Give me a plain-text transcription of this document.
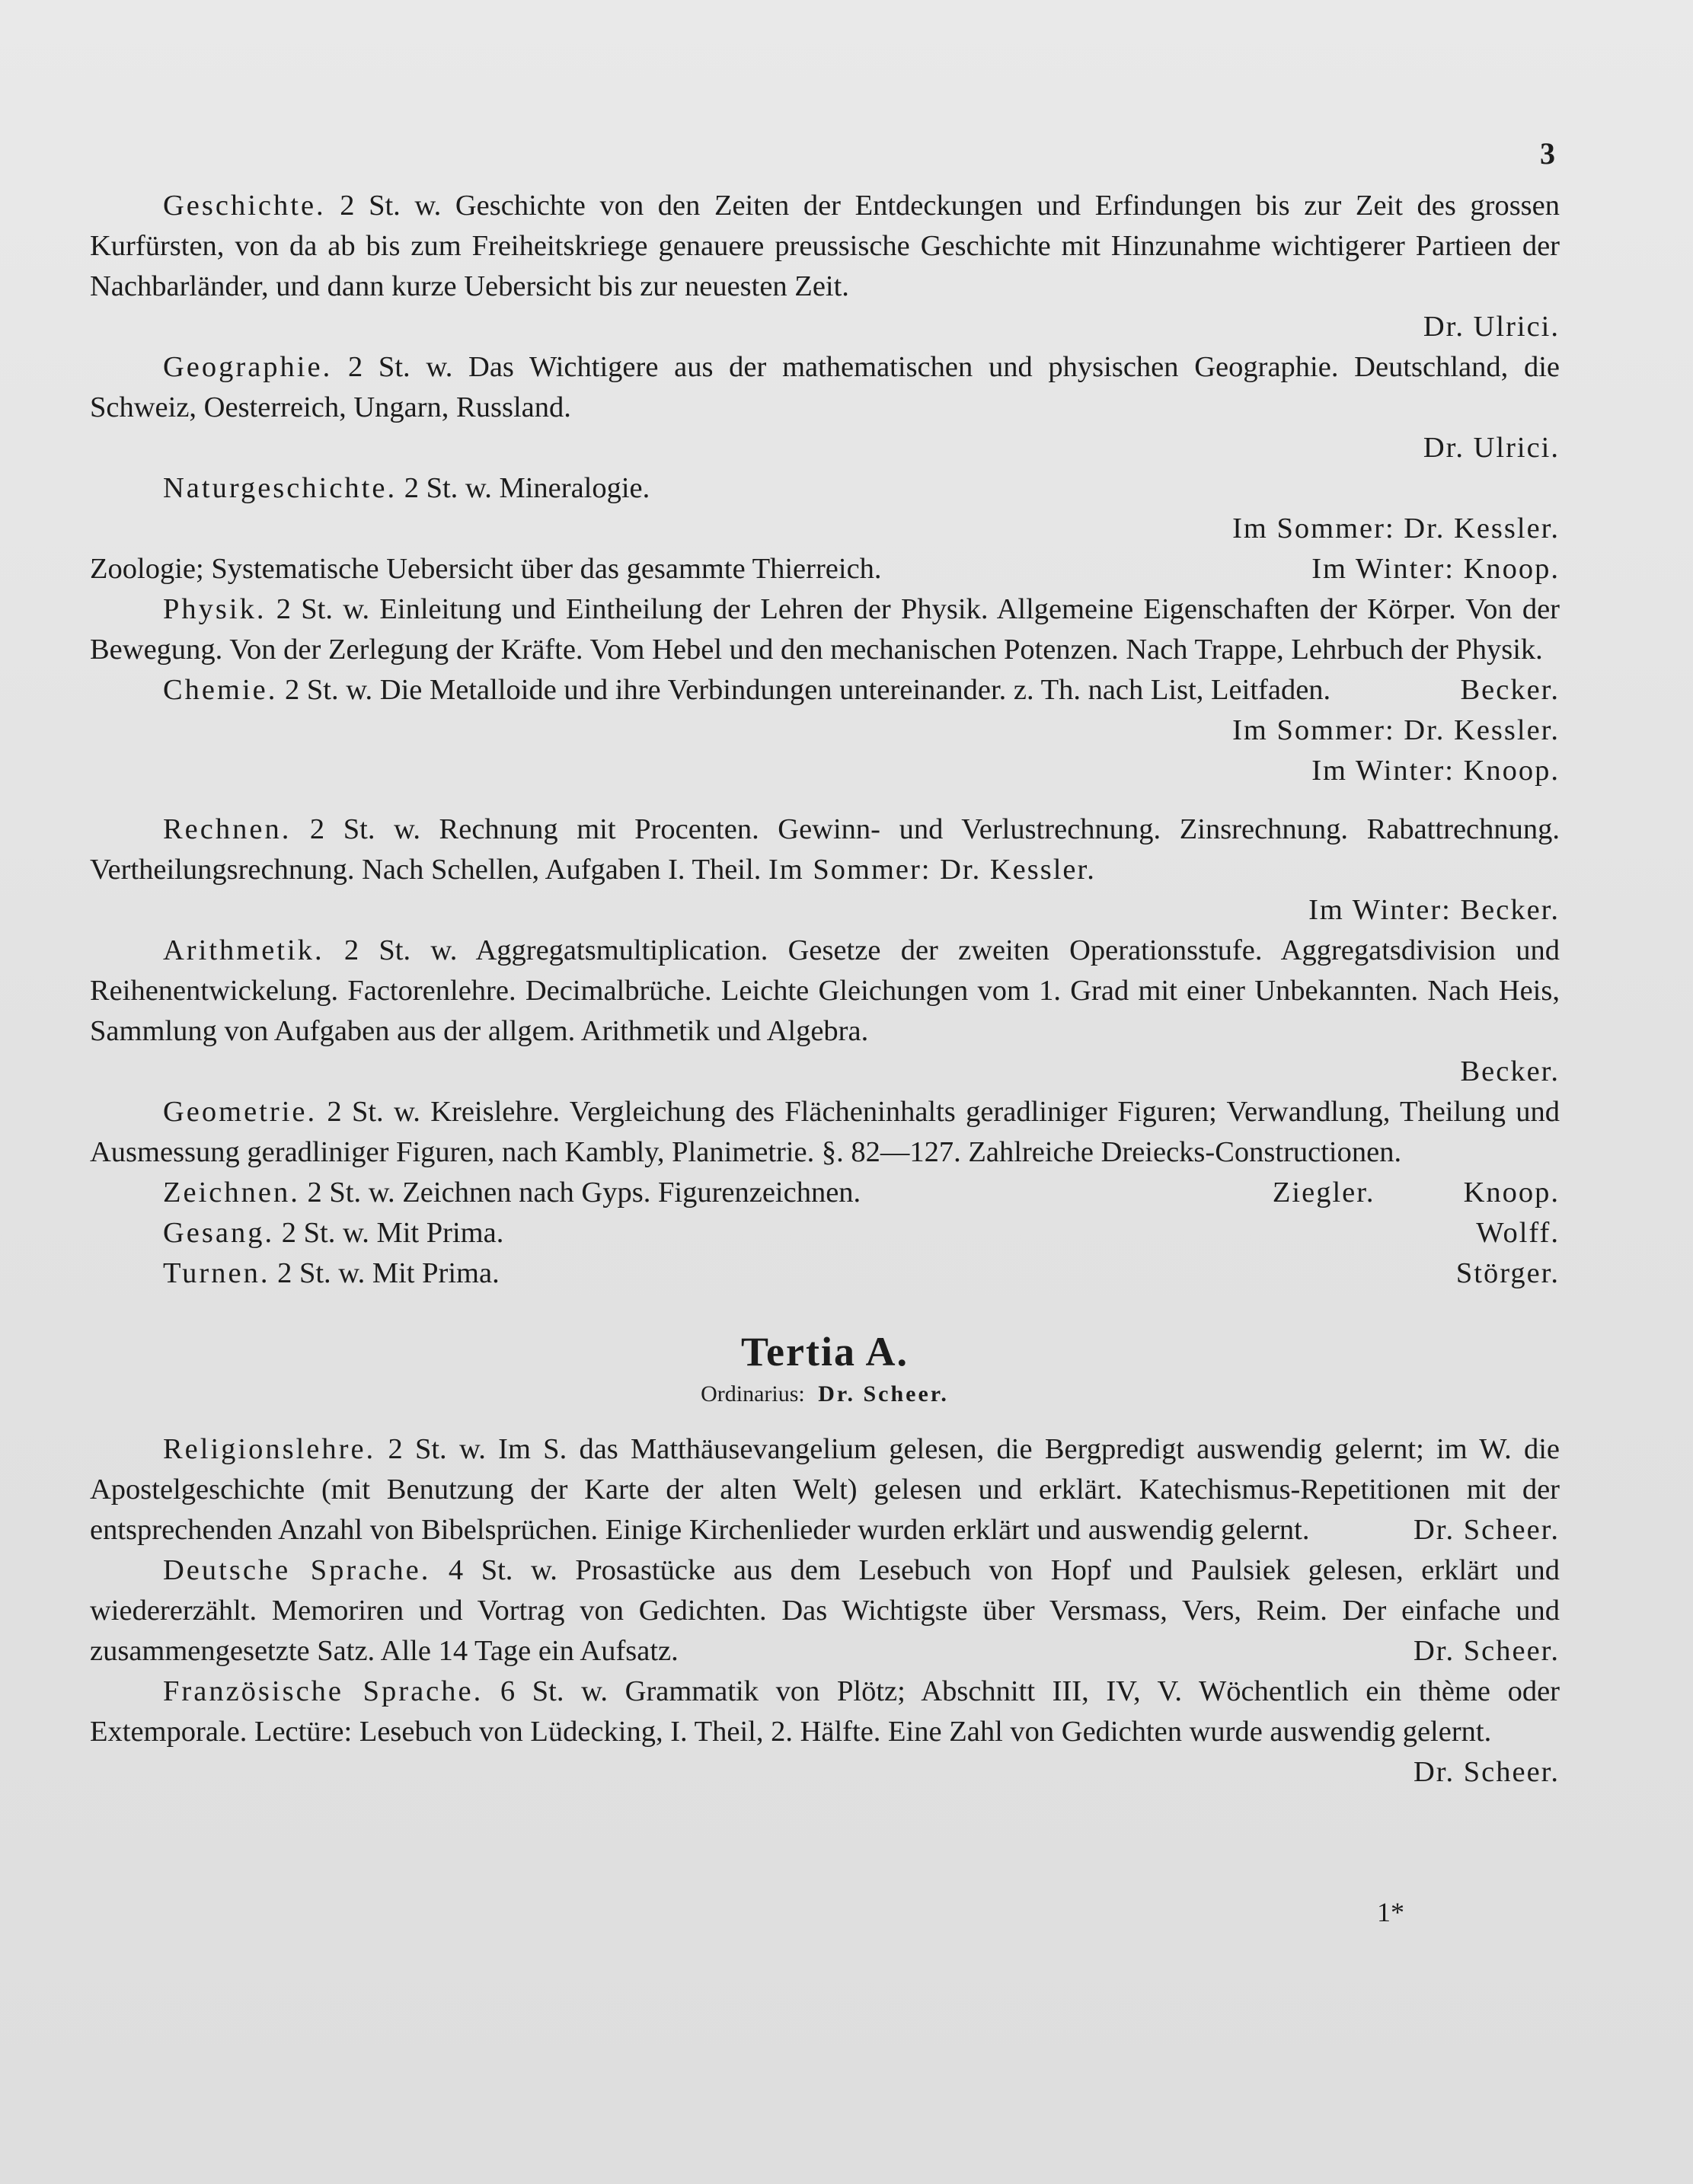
3

Geschichte. 2 St. w. Geschichte von den Zeiten der Entdeckungen und Erfindungen bis zur Zeit des grossen Kurfürsten, von da ab bis zum Freiheitskriege genauere preussische Geschichte mit Hinzunahme wichtigerer Partieen der Nachbarländer, und dann kurze Uebersicht bis zur neuesten Zeit.
Dr. Ulrici.

Geographie. 2 St. w. Das Wichtigere aus der mathematischen und physischen Geographie. Deutschland, die Schweiz, Oesterreich, Ungarn, Russland.
Dr. Ulrici.

Naturgeschichte. 2 St. w. Mineralogie.
Im Sommer: Dr. Kessler.

Im Winter: Knoop.
Zoologie; Systematische Uebersicht über das gesammte Thierreich.

Physik. 2 St. w. Einleitung und Eintheilung der Lehren der Physik. Allgemeine Eigenschaften der Körper. Von der Bewegung. Von der Zerlegung der Kräfte. Vom Hebel und den mechanischen Potenzen. Nach Trappe, Lehrbuch der Physik.
Becker.

Chemie. 2 St. w. Die Metalloide und ihre Verbindungen untereinander. z. Th. nach List, Leitfaden.
Im Sommer: Dr. Kessler.
Im Winter: Knoop.

Rechnen. 2 St. w. Rechnung mit Procenten. Gewinn- und Verlustrechnung. Zinsrechnung. Rabattrechnung. Vertheilungsrechnung. Nach Schellen, Aufgaben I. Theil. Im Sommer: Dr. Kessler.
Im Winter: Becker.

Arithmetik. 2 St. w. Aggregatsmultiplication. Gesetze der zweiten Operationsstufe. Aggregatsdivision und Reihenentwickelung. Factorenlehre. Decimalbrüche. Leichte Gleichungen vom 1. Grad mit einer Unbekannten. Nach Heis, Sammlung von Aufgaben aus der allgem. Arithmetik und Algebra.
Becker.

Geometrie. 2 St. w. Kreislehre. Vergleichung des Flächeninhalts geradliniger Figuren; Verwandlung, Theilung und Ausmessung geradliniger Figuren, nach Kambly, Planimetrie. §. 82—127. Zahlreiche Dreiecks-Constructionen.
Knoop.

Ziegler.
Zeichnen. 2 St. w. Zeichnen nach Gyps. Figurenzeichnen.

Wolff.
Gesang. 2 St. w. Mit Prima.

Störger.
Turnen. 2 St. w. Mit Prima.

Tertia A.
Ordinarius: Dr. Scheer.

Religionslehre. 2 St. w. Im S. das Matthäusevangelium gelesen, die Bergpredigt auswendig gelernt; im W. die Apostelgeschichte (mit Benutzung der Karte der alten Welt) gelesen und erklärt. Katechismus-Repetitionen mit der entsprechenden Anzahl von Bibelsprüchen. Einige Kirchenlieder wurden erklärt und auswendig gelernt.	Dr. Scheer.

Deutsche Sprache. 4 St. w. Prosastücke aus dem Lesebuch von Hopf und Paulsiek gelesen, erklärt und wiedererzählt. Memoriren und Vortrag von Gedichten. Das Wichtigste über Versmass, Vers, Reim. Der einfache und zusammengesetzte Satz. Alle 14 Tage ein Aufsatz.	Dr. Scheer.

Französische Sprache. 6 St. w. Grammatik von Plötz; Abschnitt III, IV, V. Wöchentlich ein thème oder Extemporale. Lectüre: Lesebuch von Lüdecking, I. Theil, 2. Hälfte. Eine Zahl von Gedichten wurde auswendig gelernt.
Dr. Scheer.

1*
